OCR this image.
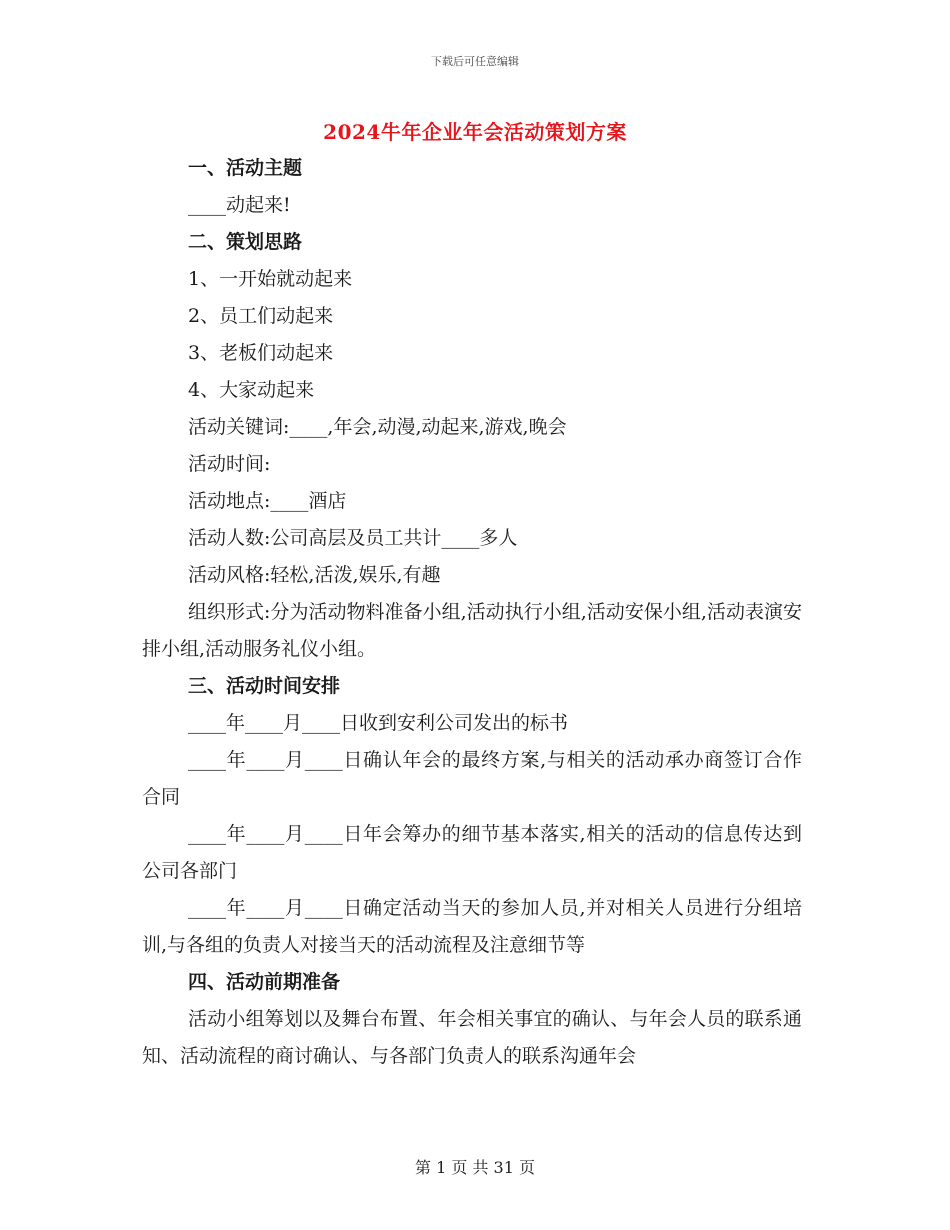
下载后可任意编辑
2024牛年企业年会活动策划方案

一、活动主题

____动起来!

二、策划思路

1、一开始就动起来

2、员工们动起来

3、老板们动起来

4、大家动起来

活动关键词:____,年会,动漫,动起来,游戏,晚会

活动时间:

活动地点:____酒店

活动人数:公司高层及员工共计____多人

活动风格:轻松,活泼,娱乐,有趣

组织形式:分为活动物料准备小组,活动执行小组,活动安保小组,活动表演安排小组,活动服务礼仪小组。

三、活动时间安排

____年____月____日收到安利公司发出的标书

____年____月____日确认年会的最终方案,与相关的活动承办商签订合作合同

____年____月____日年会筹办的细节基本落实,相关的活动的信息传达到公司各部门

____年____月____日确定活动当天的参加人员,并对相关人员进行分组培训,与各组的负责人对接当天的活动流程及注意细节等

四、活动前期准备

活动小组筹划以及舞台布置、年会相关事宜的确认、与年会人员的联系通知、活动流程的商讨确认、与各部门负责人的联系沟通年会

第 1 页 共 31 页
